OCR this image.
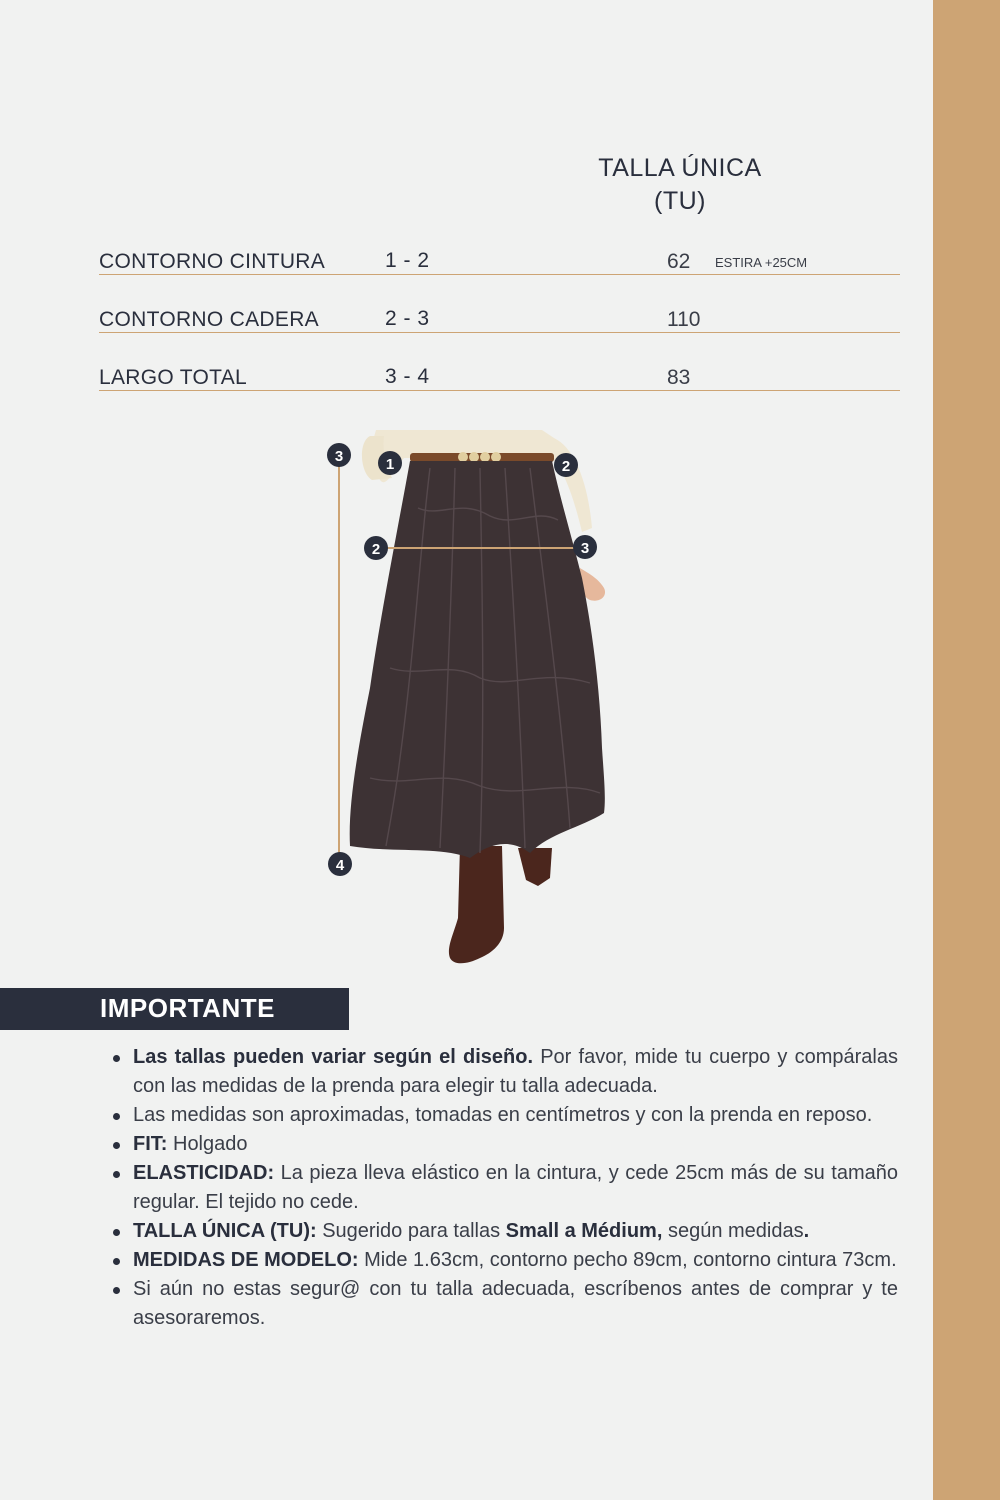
TALLA ÚNICA
(TU)
CONTORNO CINTURA	1 - 2	62 ESTIRA +25CM
CONTORNO CADERA	2 - 3	110
LARGO TOTAL	3 - 4	83
3	1	2
2	3
4
IMPORTANTE
Las tallas pueden variar según el diseño. Por favor, mide tu cuerpo y compáralas con las medidas de la prenda para elegir tu talla adecuada.
Las medidas son aproximadas, tomadas en centímetros y con la prenda en reposo.
FIT: Holgado
ELASTICIDAD: La pieza lleva elástico en la cintura, y cede 25cm más de su tamaño regular. El tejido no cede.
TALLA ÚNICA (TU): Sugerido para tallas Small a Médium, según medidas.
MEDIDAS DE MODELO: Mide 1.63cm, contorno pecho 89cm, contorno cintura 73cm.
Si aún no estas segur@ con tu talla adecuada, escríbenos antes de comprar y te asesoraremos.
